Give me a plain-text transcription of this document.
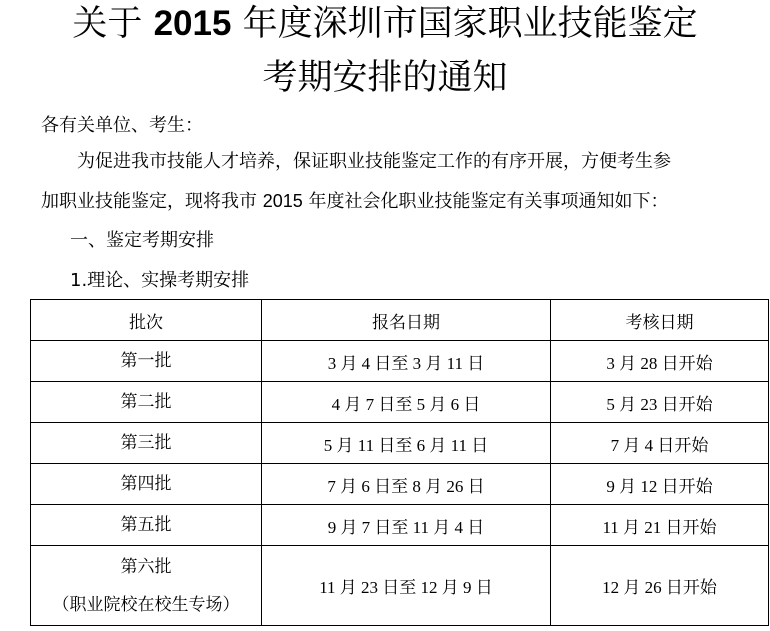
关于 2015 年度深圳市国家职业技能鉴定
考期安排的通知
各有关单位、考生：
为促进我市技能人才培养，保证职业技能鉴定工作的有序开展，方便考生参
加职业技能鉴定，现将我市 2015 年度社会化职业技能鉴定有关事项通知如下：
一、鉴定考期安排
1.理论、实操考期安排
批次	报名日期	考核日期
第一批	3 月 4 日至 3 月 11 日	3 月 28 日开始
第二批	4 月 7 日至 5 月 6 日	5 月 23 日开始
第三批	5 月 11 日至 6 月 11 日	7 月 4 日开始
第四批	7 月 6 日至 8 月 26 日	9 月 12 日开始
第五批	9 月 7 日至 11 月 4 日	11 月 21 日开始

第六批
（职业院校在校生专场）	11 月 23 日至 12 月 9 日	12 月 26 日开始
